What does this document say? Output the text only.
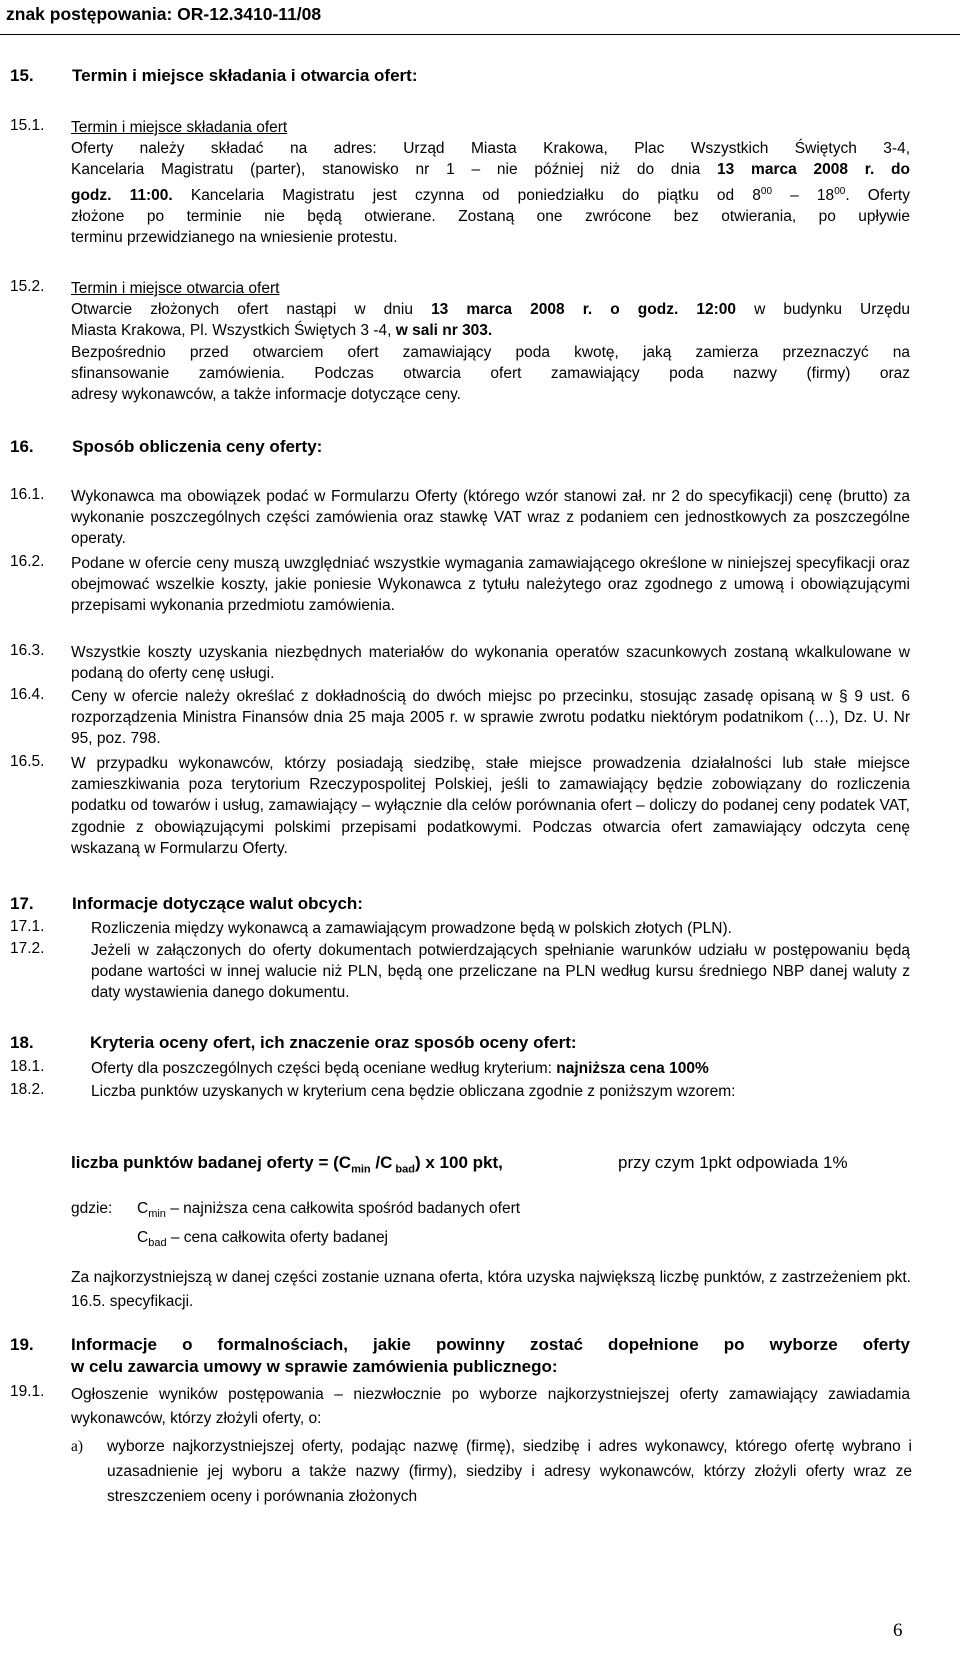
znak postępowania: OR-12.3410-11/08
15. Termin i miejsce składania i otwarcia ofert:
15.1. Termin i miejsce składania ofert
Oferty należy składać na adres: Urząd Miasta Krakowa, Plac Wszystkich Świętych 3-4,
Kancelaria Magistratu (parter), stanowisko nr 1 – nie później niż do dnia 13 marca 2008 r. do
godz. 11:00. Kancelaria Magistratu jest czynna od poniedziałku do piątku od $8^{00} - 18^{00}$. Oferty
złożone po terminie nie będą otwierane. Zostaną one zwrócone bez otwierania, po upływie
terminu przewidzianego na wniesienie protestu.
15.2. Termin i miejsce otwarcia ofert
Otwarcie złożonych ofert nastąpi w dniu 13 marca 2008 r. o godz. 12:00 w budynku Urzędu
Miasta Krakowa, Pl. Wszystkich Świętych 3 -4, w sali nr 303.
Bezpośrednio przed otwarciem ofert zamawiający poda kwotę, jaką zamierza przeznaczyć na
sfinansowanie zamówienia. Podczas otwarcia ofert zamawiający poda nazwy (firmy) oraz
adresy wykonawców, a także informacje dotyczące ceny.
16. Sposób obliczenia ceny oferty:
16.1. Wykonawca ma obowiązek podać w Formularzu Oferty (którego wzór stanowi zał. nr 2 do specyfikacji) cenę (brutto) za wykonanie poszczególnych części zamówienia oraz stawkę VAT wraz z podaniem cen jednostkowych za poszczególne operaty.
16.2. Podane w ofercie ceny muszą uwzględniać wszystkie wymagania zamawiającego określone w niniejszej specyfikacji oraz obejmować wszelkie koszty, jakie poniesie Wykonawca z tytułu należytego oraz zgodnego z umową i obowiązującymi przepisami wykonania przedmiotu zamówienia.
16.3. Wszystkie koszty uzyskania niezbędnych materiałów do wykonania operatów szacunkowych zostaną wkalkulowane w podaną do oferty cenę usługi.
16.4. Ceny w ofercie należy określać z dokładnością do dwóch miejsc po przecinku, stosując zasadę opisaną w § 9 ust. 6 rozporządzenia Ministra Finansów dnia 25 maja 2005 r. w sprawie zwrotu podatku niektórym podatnikom (…), Dz. U. Nr 95, poz. 798.
16.5. W przypadku wykonawców, którzy posiadają siedzibę, stałe miejsce prowadzenia działalności lub stałe miejsce zamieszkiwania poza terytorium Rzeczypospolitej Polskiej, jeśli to zamawiający będzie zobowiązany do rozliczenia podatku od towarów i usług, zamawiający – wyłącznie dla celów porównania ofert – doliczy do podanej ceny podatek VAT, zgodnie z obowiązującymi polskimi przepisami podatkowymi. Podczas otwarcia ofert zamawiający odczyta cenę wskazaną w Formularzu Oferty.
17. Informacje dotyczące walut obcych:
17.1.	Rozliczenia między wykonawcą a zamawiającym prowadzone będą w polskich złotych (PLN).
17.2.	Jeżeli w załączonych do oferty dokumentach potwierdzających spełnianie warunków udziału w postępowaniu będą podane wartości w innej walucie niż PLN, będą one przeliczane na PLN według kursu średniego NBP danej waluty z daty wystawienia danego dokumentu.
18.	Kryteria oceny ofert, ich znaczenie oraz sposób oceny ofert:
18.1.	Oferty dla poszczególnych części będą oceniane według kryterium: najniższa cena 100%
18.2.	Liczba punktów uzyskanych w kryterium cena będzie obliczana zgodnie z poniższym wzorem:
liczba punktów badanej oferty = ($C_{min}$ /C $_{bad}$) x 100 pkt,	przy czym 1pkt odpowiada 1%
gdzie: $C_{min}$ – najniższa cena całkowita spośród badanych ofert
$C_{bad}$ – cena całkowita oferty badanej
Za najkorzystniejszą w danej części zostanie uznana oferta, która uzyska największą liczbę punktów, z zastrzeżeniem pkt. 16.5. specyfikacji.
19.	Informacje o formalnościach, jakie powinny zostać dopełnione po wyborze oferty
w celu zawarcia umowy w sprawie zamówienia publicznego:
19.1. Ogłoszenie wyników postępowania – niezwłocznie po wyborze najkorzystniejszej oferty zamawiający zawiadamia wykonawców, którzy złożyli oferty, o:
a) wyborze najkorzystniejszej oferty, podając nazwę (firmę), siedzibę i adres wykonawcy, którego ofertę wybrano i uzasadnienie jej wyboru a także nazwy (firmy), siedziby i adresy wykonawców, którzy złożyli oferty wraz ze streszczeniem oceny i porównania złożonych
6
